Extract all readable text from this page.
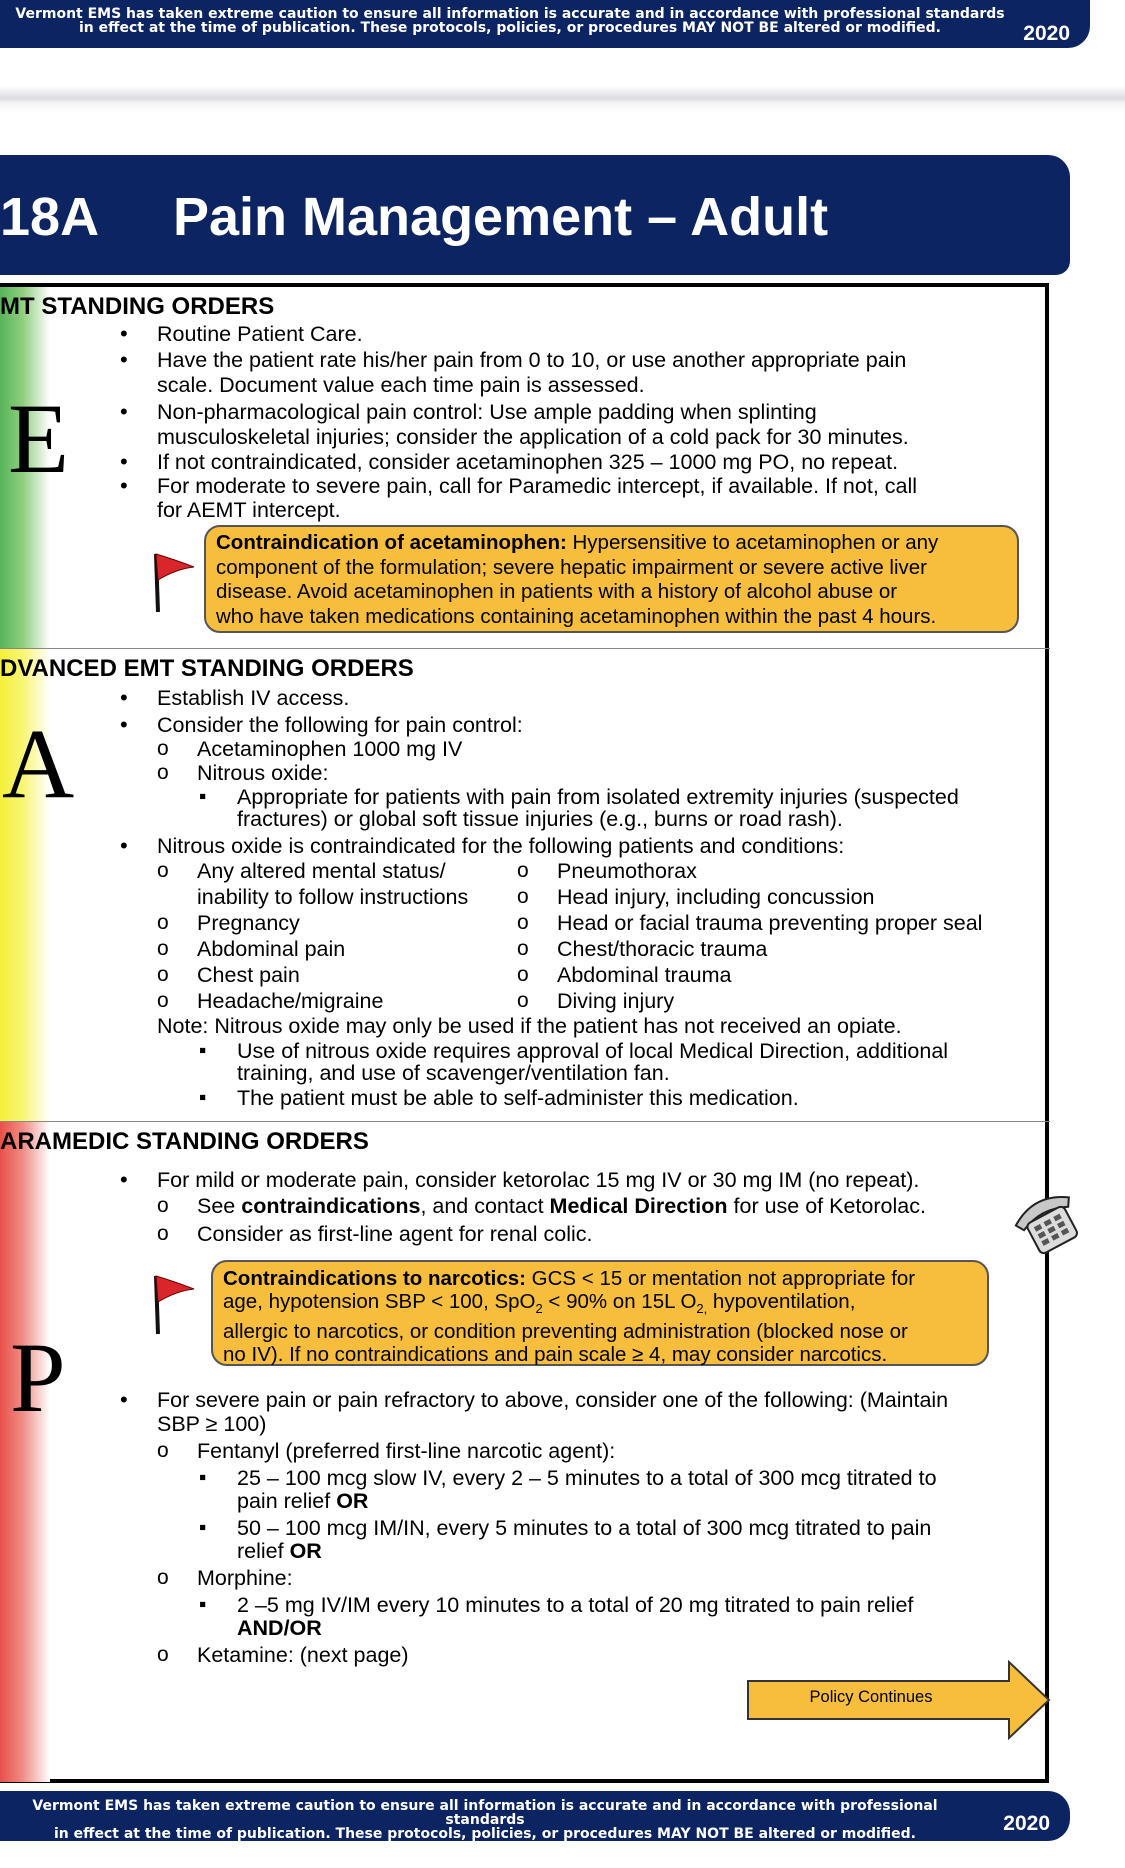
Vermont EMS has taken extreme caution to ensure all information is accurate and in accordance with professional standards
in effect at the time of publication. These protocols, policies, or procedures MAY NOT BE altered or modified.	2020
18A Pain Management – Adult
MT STANDING ORDERS
E
• Routine Patient Care.
• Have the patient rate his/her pain from 0 to 10, or use another appropriate pain
scale. Document value each time pain is assessed.
• Non-pharmacological pain control: Use ample padding when splinting
musculoskeletal injuries; consider the application of a cold pack for 30 minutes.
• If not contraindicated, consider acetaminophen 325 – 1000 mg PO, no repeat.
• For moderate to severe pain, call for Paramedic intercept, if available. If not, call
for AEMT intercept.
Contraindication of acetaminophen: Hypersensitive to acetaminophen or any
component of the formulation; severe hepatic impairment or severe active liver
disease. Avoid acetaminophen in patients with a history of alcohol abuse or
who have taken medications containing acetaminophen within the past 4 hours.
DVANCED EMT STANDING ORDERS
A
• Establish IV access.
• Consider the following for pain control:
o Acetaminophen 1000 mg IV
o Nitrous oxide:
▪ Appropriate for patients with pain from isolated extremity injuries (suspected
fractures) or global soft tissue injuries (e.g., burns or road rash).
• Nitrous oxide is contraindicated for the following patients and conditions:
o Any altered mental status/
inability to follow instructions
o Pregnancy
o Abdominal pain
o Chest pain
o Headache/migraine
o Pneumothorax
o Head injury, including concussion
o Head or facial trauma preventing proper seal
o Chest/thoracic trauma
o Abdominal trauma
o Diving injury
Note: Nitrous oxide may only be used if the patient has not received an opiate.
▪ Use of nitrous oxide requires approval of local Medical Direction, additional
training, and use of scavenger/ventilation fan.
▪ The patient must be able to self-administer this medication.
ARAMEDIC STANDING ORDERS
P
• For mild or moderate pain, consider ketorolac 15 mg IV or 30 mg IM (no repeat).
o See contraindications, and contact Medical Direction for use of Ketorolac.
o Consider as first-line agent for renal colic.
Contraindications to narcotics: GCS < 15 or mentation not appropriate for
age, hypotension SBP < 100, SpO$_2$ < 90% on 15L $O_{2,}$ hypoventilation,
allergic to narcotics, or condition preventing administration (blocked nose or
no IV). If no contraindications and pain scale ≥ 4, may consider narcotics.
• For severe pain or pain refractory to above, consider one of the following: (Maintain
SBP ≥ 100)
o Fentanyl (preferred first-line narcotic agent):
▪ 25 – 100 mcg slow IV, every 2 – 5 minutes to a total of 300 mcg titrated to
pain relief OR
▪ 50 – 100 mcg IM/IN, every 5 minutes to a total of 300 mcg titrated to pain
relief OR
o Morphine:
▪ 2 –5 mg IV/IM every 10 minutes to a total of 20 mg titrated to pain relief
AND/OR
o Ketamine: (next page)
Policy Continues
Vermont EMS has taken extreme caution to ensure all information is accurate and in accordance with professional standards
in effect at the time of publication. These protocols, policies, or procedures MAY NOT BE altered or modified.	2020
